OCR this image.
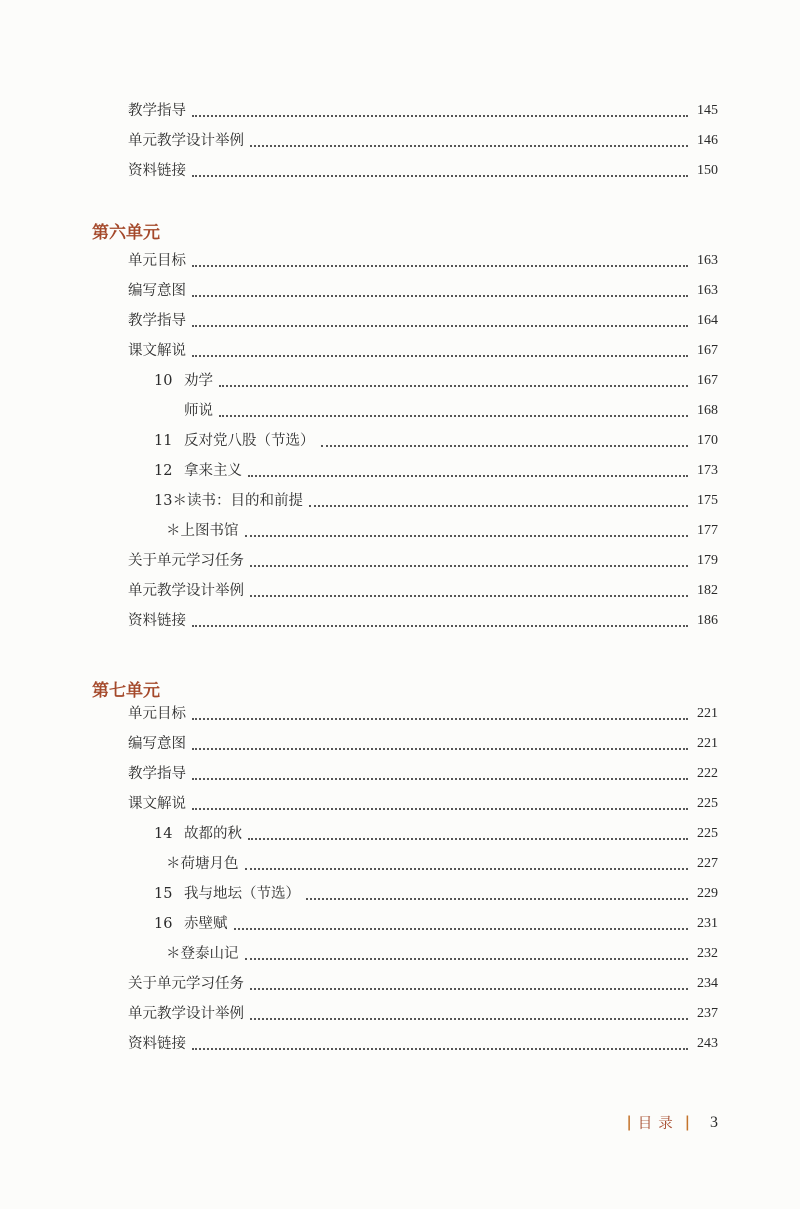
教学指导	145
单元教学设计举例	146
资料链接	150
第六单元
单元目标	163
编写意图	163
教学指导	164
课文解说	167
10 劝学	167
师说	168
11 反对党八股（节选）	170
12 拿来主义	173
13＊读书：目的和前提	175
＊上图书馆	177
关于单元学习任务	179
单元教学设计举例	182
资料链接	186
第七单元
单元目标	221
编写意图	221
教学指导	222
课文解说	225
14 故都的秋	225
＊荷塘月色	227
15 我与地坛（节选）	229
16 赤壁赋	231
＊登泰山记	232
关于单元学习任务	234
单元教学设计举例	237
资料链接	243
| 目录 | 3
